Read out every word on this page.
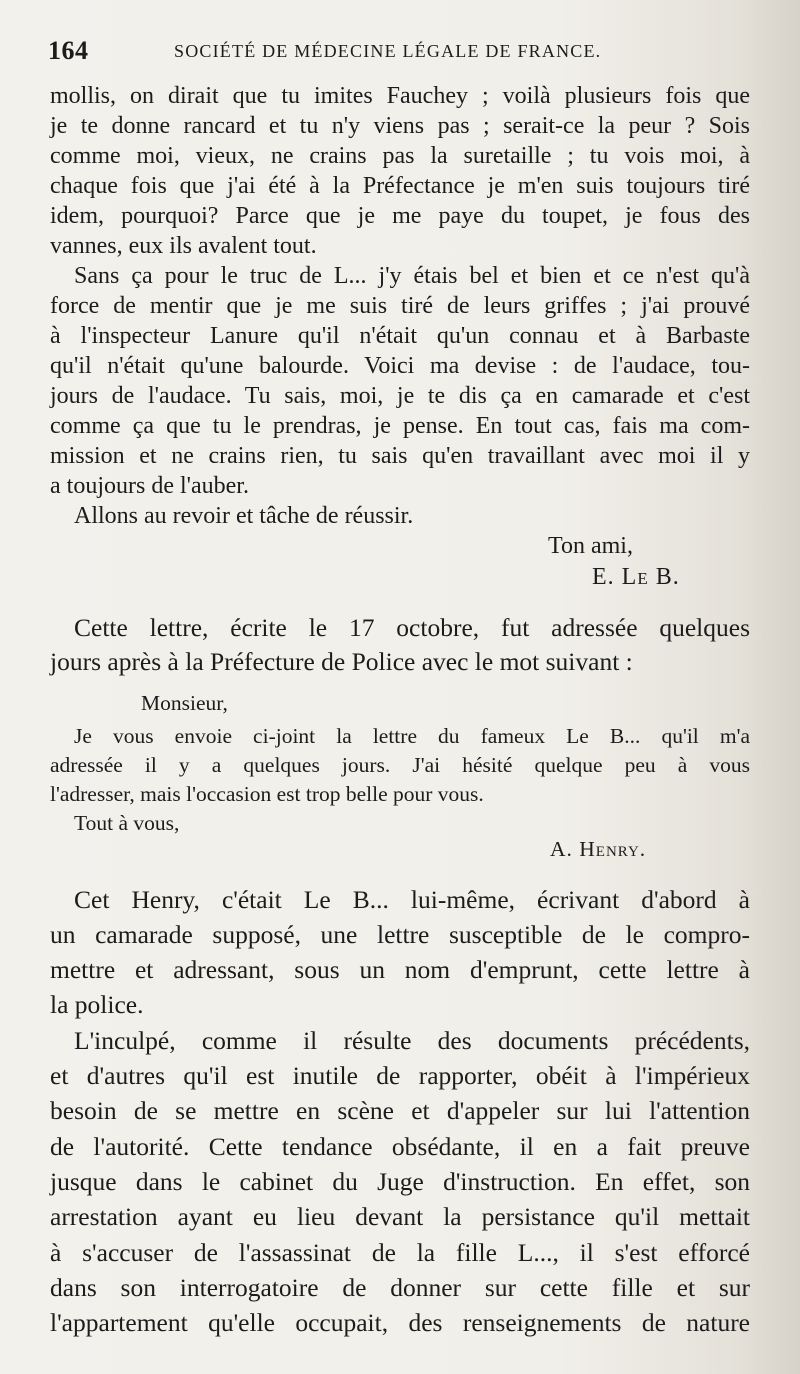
164	SOCIÉTÉ DE MÉDECINE LÉGALE DE FRANCE.
mollis, on dirait que tu imites Fauchey ; voilà plusieurs fois que
je te donne rancard et tu n'y viens pas ; serait-ce la peur ? Sois
comme moi, vieux, ne crains pas la suretaille ; tu vois moi, à
chaque fois que j'ai été à la Préfectance je m'en suis toujours tiré
idem, pourquoi? Parce que je me paye du toupet, je fous des
vannes, eux ils avalent tout.
Sans ça pour le truc de L... j'y étais bel et bien et ce n'est qu'à
force de mentir que je me suis tiré de leurs griffes ; j'ai prouvé
à l'inspecteur Lanure qu'il n'était qu'un connau et à Barbaste
qu'il n'était qu'une balourde. Voici ma devise : de l'audace, tou-
jours de l'audace. Tu sais, moi, je te dis ça en camarade et c'est
comme ça que tu le prendras, je pense. En tout cas, fais ma com-
mission et ne crains rien, tu sais qu'en travaillant avec moi il y
a toujours de l'auber.
Allons au revoir et tâche de réussir.
Ton ami,
E. Le B.
Cette lettre, écrite le 17 octobre, fut adressée quelques
jours après à la Préfecture de Police avec le mot suivant :
Monsieur,
Je vous envoie ci-joint la lettre du fameux Le B... qu'il m'a
adressée il y a quelques jours. J'ai hésité quelque peu à vous
l'adresser, mais l'occasion est trop belle pour vous.
Tout à vous,
A. Henry.
Cet Henry, c'était Le B... lui-même, écrivant d'abord à
un camarade supposé, une lettre susceptible de le compro-
mettre et adressant, sous un nom d'emprunt, cette lettre à
la police.
L'inculpé, comme il résulte des documents précédents,
et d'autres qu'il est inutile de rapporter, obéit à l'impérieux
besoin de se mettre en scène et d'appeler sur lui l'attention
de l'autorité. Cette tendance obsédante, il en a fait preuve
jusque dans le cabinet du Juge d'instruction. En effet, son
arrestation ayant eu lieu devant la persistance qu'il mettait
à s'accuser de l'assassinat de la fille L..., il s'est efforcé
dans son interrogatoire de donner sur cette fille et sur
l'appartement qu'elle occupait, des renseignements de nature
